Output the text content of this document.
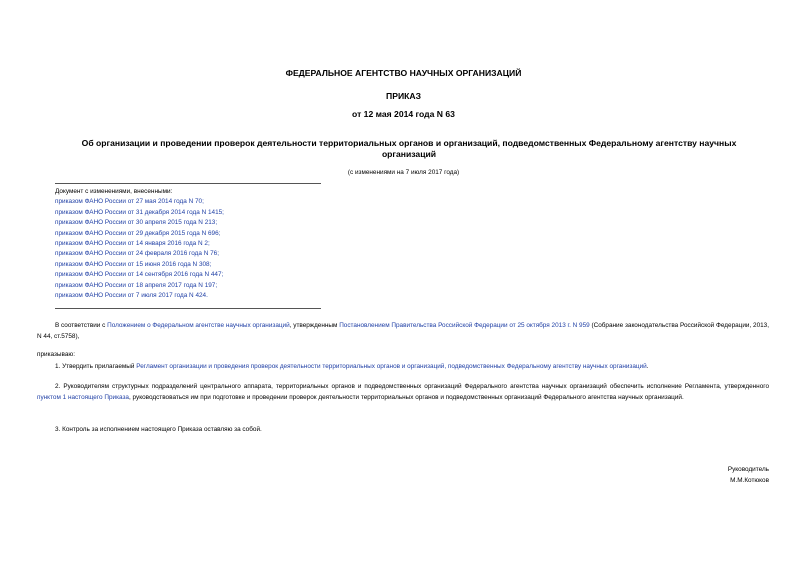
ФЕДЕРАЛЬНОЕ АГЕНТСТВО НАУЧНЫХ ОРГАНИЗАЦИЙ
ПРИКАЗ
от 12 мая 2014 года N 63
Об организации и проведении проверок деятельности территориальных органов и организаций, подведомственных Федеральному агентству научных организаций
(с изменениями на 7 июля 2017 года)
Документ с изменениями, внесенными:
приказом ФАНО России от 27 мая 2014 года N 70;
приказом ФАНО России от 31 декабря 2014 года N 1415;
приказом ФАНО России от 30 апреля 2015 года N 213;
приказом ФАНО России от 29 декабря 2015 года N 696;
приказом ФАНО России от 14 января 2016 года N 2;
приказом ФАНО России от 24 февраля 2016 года N 76;
приказом ФАНО России от 15 июня 2016 года N 308;
приказом ФАНО России от 14 сентября 2016 года N 447;
приказом ФАНО России от 18 апреля 2017 года N 197;
приказом ФАНО России от 7 июля 2017 года N 424.
В соответствии с Положением о Федеральном агентстве научных организаций, утвержденным Постановлением Правительства Российской Федерации от 25 октября 2013 г. N 959 (Собрание законодательства Российской Федерации, 2013, N 44, ст.5758),
приказываю:
1. Утвердить прилагаемый Регламент организации и проведения проверок деятельности территориальных органов и организаций, подведомственных Федеральному агентству научных организаций.
2. Руководителям структурных подразделений центрального аппарата, территориальных органов и подведомственных организаций Федерального агентства научных организаций обеспечить исполнение Регламента, утвержденного пунктом 1 настоящего Приказа, руководствоваться им при подготовке и проведении проверок деятельности территориальных органов и подведомственных организаций Федерального агентства научных организаций.
3. Контроль за исполнением настоящего Приказа оставляю за собой.
Руководитель
М.М.Котюков
